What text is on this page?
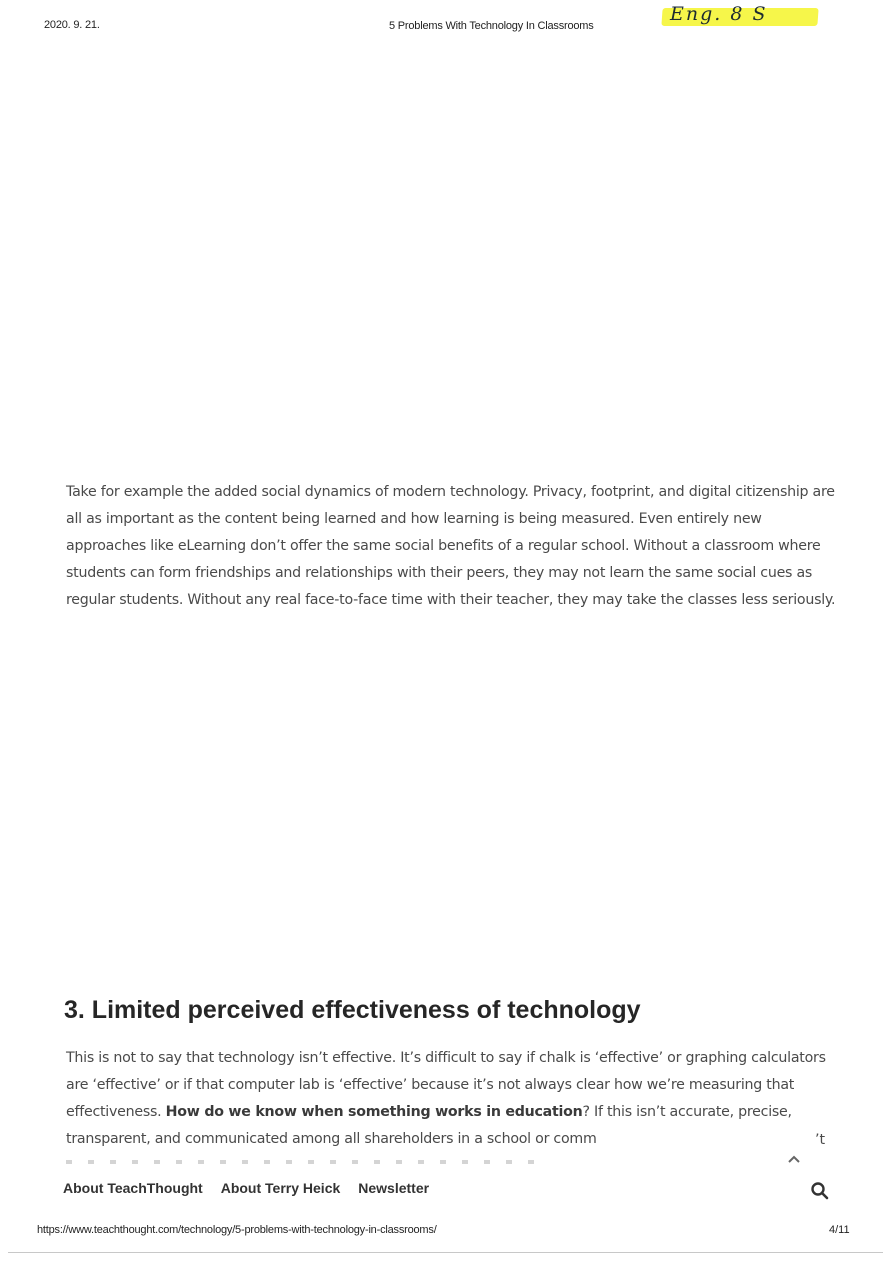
2020. 9. 21.	5 Problems With Technology In Classrooms
Eng. 8 S

Take for example the added social dynamics of modern technology. Privacy, footprint, and digital citizenship are all as important as the content being learned and how learning is being measured. Even entirely new approaches like eLearning don’t offer the same social benefits of a regular school. Without a classroom where students can form friendships and relationships with their peers, they may not learn the same social cues as regular students. Without any real face-to-face time with their teacher, they may take the classes less seriously.

3. Limited perceived effectiveness of technology

This is not to say that technology isn’t effective. It’s difficult to say if chalk is ‘effective’ or graphing calculators are ‘effective’ or if that computer lab is ‘effective’ because it’s not always clear how we’re measuring that effectiveness. How do we know when something works in education? If this isn’t accurate, precise, transparent, and communicated among all shareholders in a school or comm	’t
About TeachThought About Terry Heick Newsletter
https://www.teachthought.com/technology/5-problems-with-technology-in-classrooms/	4/11
